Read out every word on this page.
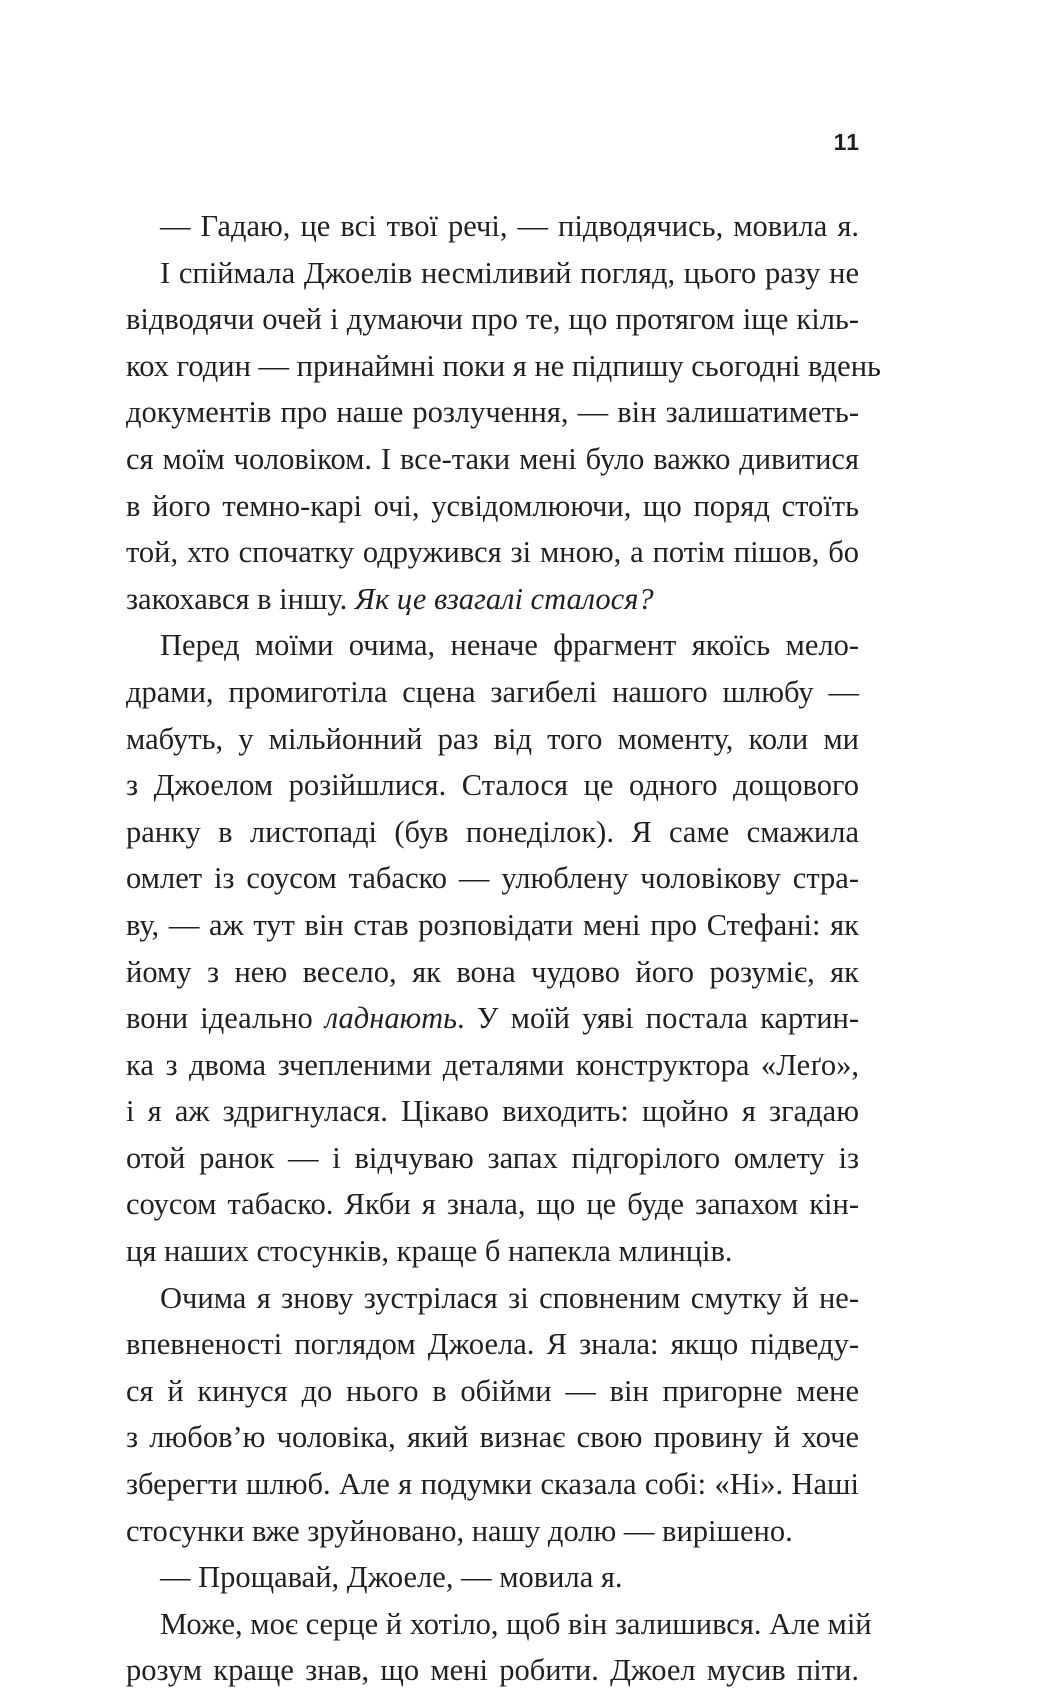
11
— Гадаю, це всі твої речі, — підводячись, мовила я.
І спіймала Джоелів несміливий погляд, цього разу не
відводячи очей і думаючи про те, що протягом іще кіль-
кох годин — принаймні поки я не підпишу сьогодні вдень
документів про наше розлучення, — він залишатиметь-
ся моїм чоловіком. І все-таки мені було важко дивитися
в його темно-карі очі, усвідомлюючи, що поряд стоїть
той, хто спочатку одружився зі мною, а потім пішов, бо
закохався в іншу. Як це взагалі сталося?
Перед моїми очима, неначе фрагмент якоїсь мело-
драми, промиготіла сцена загибелі нашого шлюбу —
мабуть, у мільйонний раз від того моменту, коли ми
з Джоелом розійшлися. Сталося це одного дощового
ранку в листопаді (був понеділок). Я саме смажила
омлет із соусом табаско — улюблену чоловікову стра-
ву, — аж тут він став розповідати мені про Стефані: як
йому з нею весело, як вона чудово його розуміє, як
вони ідеально ладнають. У моїй уяві постала картин-
ка з двома зчепленими деталями конструктора «Леґо»,
і я аж здригнулася. Цікаво виходить: щойно я згадаю
отой ранок — і відчуваю запах підгорілого омлету із
соусом табаско. Якби я знала, що це буде запахом кін-
ця наших стосунків, краще б напекла млинців.
Очима я знову зустрілася зі сповненим смутку й не-
впевненості поглядом Джоела. Я знала: якщо підведу-
ся й кинуся до нього в обійми — він пригорне мене
з любов’ю чоловіка, який визнає свою провину й хоче
зберегти шлюб. Але я подумки сказала собі: «Ні». Наші
стосунки вже зруйновано, нашу долю — вирішено.
— Прощавай, Джоеле, — мовила я.
Може, моє серце й хотіло, щоб він залишився. Але мій
розум краще знав, що мені робити. Джоел мусив піти.
